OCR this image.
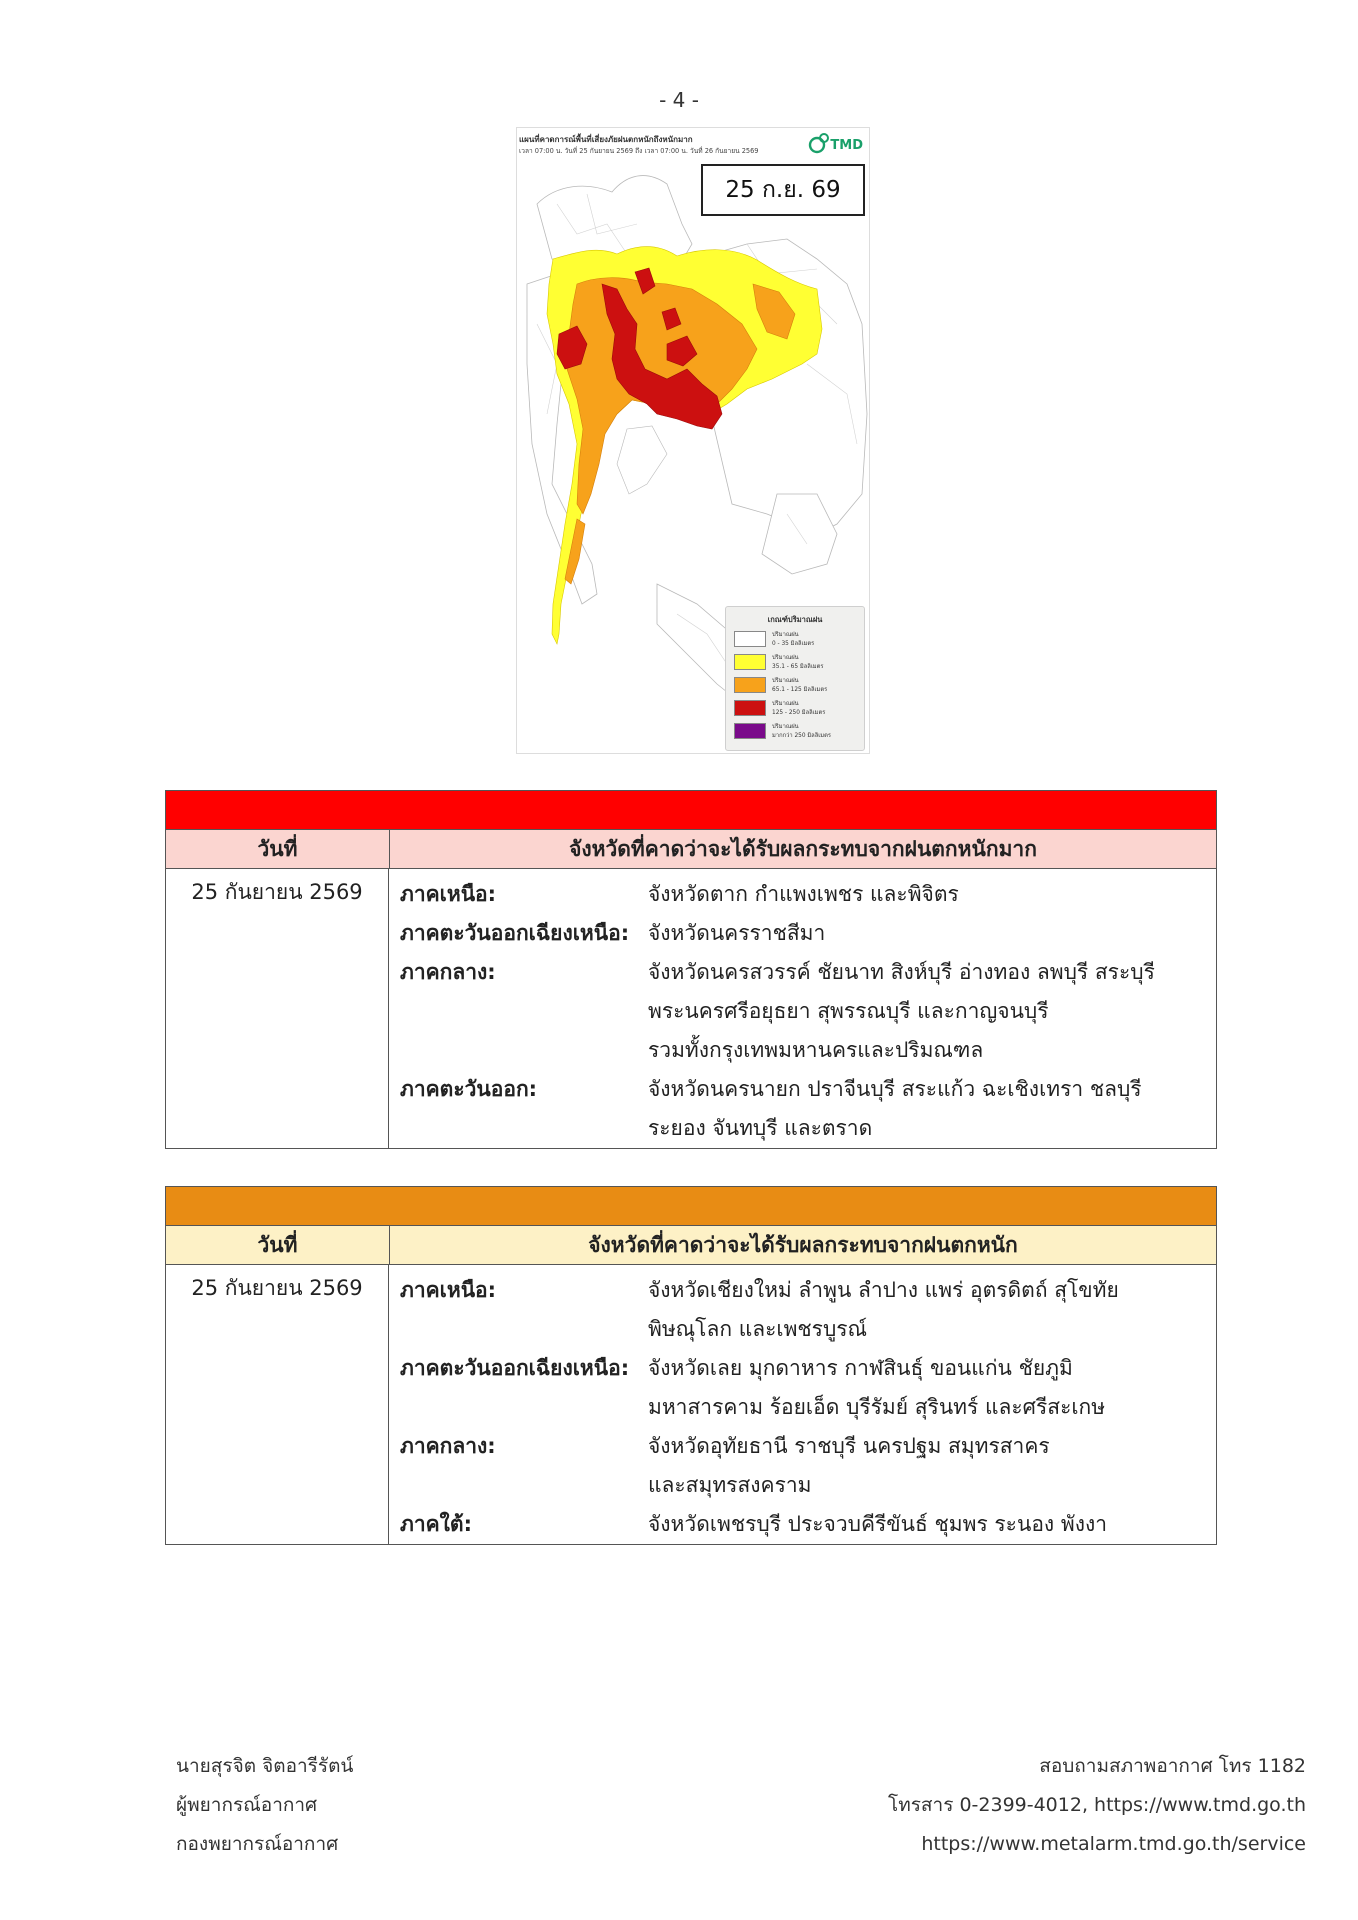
- 4 -
แผนที่คาดการณ์พื้นที่เสี่ยงภัยฝนตกหนักถึงหนักมาก
เวลา 07:00 น. วันที่ 25 กันยายน 2569 ถึง เวลา 07:00 น. วันที่ 26 กันยายน 2569	TMD
25 ก.ย. 69
เกณฑ์ปริมาณฝน
ปริมาณฝน
0 - 35 มิลลิเมตร
ปริมาณฝน
35.1 - 65 มิลลิเมตร
ปริมาณฝน
65.1 - 125 มิลลิเมตร
ปริมาณฝน
125 - 250 มิลลิเมตร
ปริมาณฝน
มากกว่า 250 มิลลิเมตร
วันที่	จังหวัดที่คาดว่าจะได้รับผลกระทบจากฝนตกหนักมาก
25 กันยายน 2569	ภาคเหนือ:	จังหวัดตาก กำแพงเพชร และพิจิตร
ภาคตะวันออกเฉียงเหนือ: จังหวัดนครราชสีมา
ภาคกลาง:	จังหวัดนครสวรรค์ ชัยนาท สิงห์บุรี อ่างทอง ลพบุรี สระบุรี
พระนครศรีอยุธยา สุพรรณบุรี และกาญจนบุรี
รวมทั้งกรุงเทพมหานครและปริมณฑล
ภาคตะวันออก:	จังหวัดนครนายก ปราจีนบุรี สระแก้ว ฉะเชิงเทรา ชลบุรี
ระยอง จันทบุรี และตราด
วันที่	จังหวัดที่คาดว่าจะได้รับผลกระทบจากฝนตกหนัก
25 กันยายน 2569	ภาคเหนือ:	จังหวัดเชียงใหม่ ลำพูน ลำปาง แพร่ อุตรดิตถ์ สุโขทัย
พิษณุโลก และเพชรบูรณ์
ภาคตะวันออกเฉียงเหนือ: จังหวัดเลย มุกดาหาร กาฬสินธุ์ ขอนแก่น ชัยภูมิ
มหาสารคาม ร้อยเอ็ด บุรีรัมย์ สุรินทร์ และศรีสะเกษ
ภาคกลาง:	จังหวัดอุทัยธานี ราชบุรี นครปฐม สมุทรสาคร
และสมุทรสงคราม
ภาคใต้:	จังหวัดเพชรบุรี ประจวบคีรีขันธ์ ชุมพร ระนอง พังงา
นายสุรจิต จิตอารีรัตน์
ผู้พยากรณ์อากาศ
กองพยากรณ์อากาศ
สอบถามสภาพอากาศ โทร 1182
โทรสาร 0-2399-4012, https://www.tmd.go.th
https://www.metalarm.tmd.go.th/service
